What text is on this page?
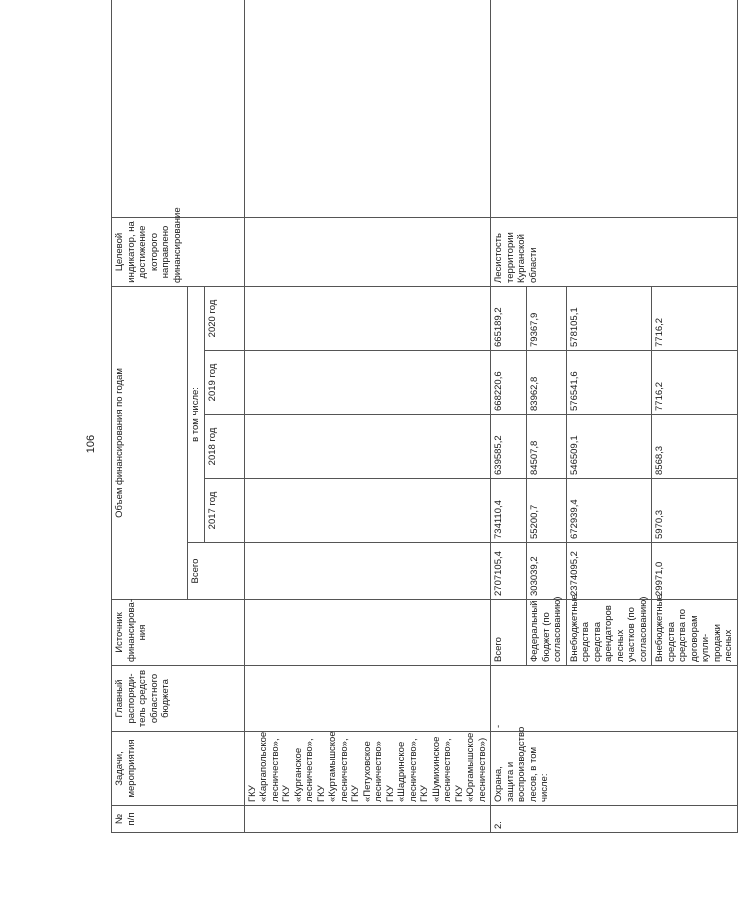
106
№ п/п	Задачи, мероприятия	Главный распоряди-тель средств областного бюджета	Источник финансирова-ния	Объем финансирования по годам					Целевой индикатор, на достижение которого направлено финансирование	
				Всего	в том числе:					
					2017 год	2018 год	2019 год	2020 год		
	ГКУ «Каргапольское лесничество», ГКУ «Курганское лесничество», ГКУ «Куртамышское лесничество», ГКУ «Петуховское лесничество» ГКУ «Шадринское лесничество», ГКУ «Шумихинское лесничество», ГКУ «Юргамышское лесничество»)									
2.	Охрана, защита и воспроизводство лесов, в том числе:	-	Всего	2707105,4	734110,4	639585,2	668220,6	665189,2	Лесистость территории Курганской области	
			Федеральный бюджет (по согласованию)	303039,2	55200,7	84507,8	83962,8	79367,9		
			Внебюджетные средства средства арендаторов лесных участков (по согласованию)	2374095,2	672939,4	546509,1	576541,6	578105,1		
			Внебюджетные средства средства по договорам купли-продажи лесных	29971,0	5970,3	8568,3	7716,2	7716,2		
